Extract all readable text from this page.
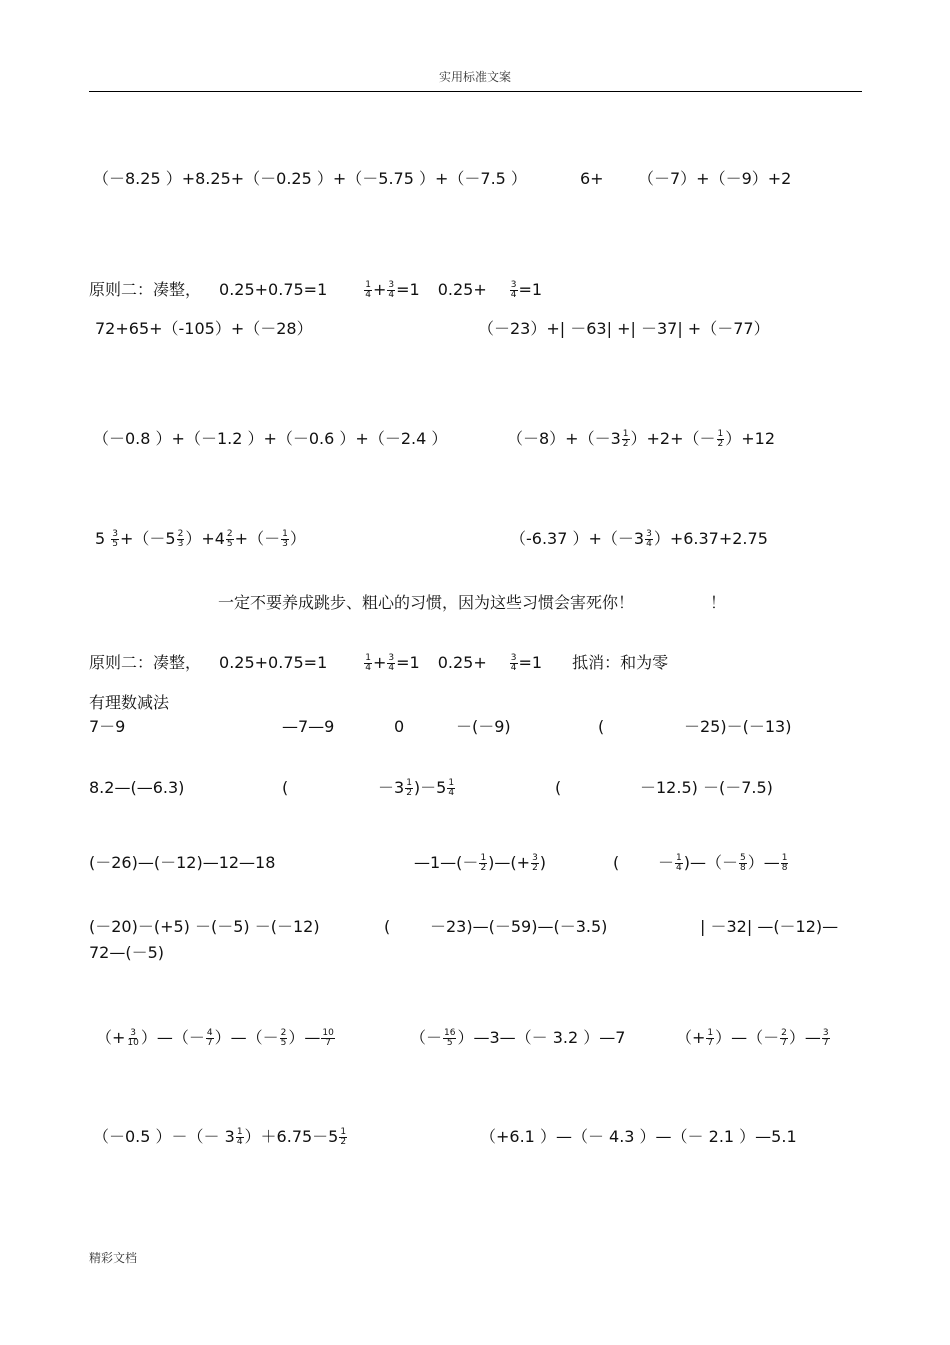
实用标准文案
（－8.25 ）+8.25+（－0.25 ）+（－5.75 ）+（－7.5 ）	6+ （－7）+（－9）+2
原则二：凑整， 0.25+0.75=1	$\frac{1}{4} + \frac{3}{4} =1$ 0.25+	$\frac{3}{4} =1$
72+65+（-105）+（－28）	（－23）+| －63| +| －37| +（－77）
（－0.8 ）+（－1.2 ）+（－0.6 ）+（－2.4 ）	$(-8)+(-3 \frac{1}{2} )+2+(- \frac{1}{2} )+12$
$5 \frac{3}{5} +(-5 \frac{2}{3} )+4 \frac{2}{5}$ +（－ $\frac{1}{3}$ ）	（-6.37 ）$+(-3 \frac{3}{4} )+6.37+2.75$
一定不要养成跳步、粗心的习惯，因为这些习惯会害死你！	！
原则二：凑整， 0.25+0.75=1	$\frac{1}{4} + \frac{3}{4} =1$ 0.25+	$\frac{3}{4} =1$ 抵消：和为零
有理数减法
7－9	—7—9	0	－(－9)	(	－25)－(－13)
8.2—(—6.3)	(	$-3 \frac{1}{2} )-5 \frac{1}{4}$	(	－12.5) －(－7.5)
(－26)—(－12)—12—18	—1—(－ $\frac{1}{2}$ )—(+ $\frac{3}{2}$ )	( － $\frac{1}{4}$ )—（－ $\frac{5}{8}$ ）— $\frac{1}{8}$
(－20)－(+5) －(－5) －(－12)	( －23)—(－59)—(－3.5)	| －32| —(－12)—
72—(－5)
（+ $\frac{3}{10}$ ）—（－ $\frac{4}{7}$ ）—（－ $\frac{2}{5}$ ）— $\frac{10}{7}$	（－ $\frac{16}{5}$ ）—3—（－ 3.2 ）—7	（+ $\frac{1}{7}$ ）—（－ $\frac{2}{7}$ ）— $\frac{3}{7}$
（－0.5 ）－（－ $3 \frac{1}{4} )+6.75-5 \frac{1}{2}$	（+6.1 ）—（－ 4.3 ）—（－ 2.1 ）—5.1
精彩文档
